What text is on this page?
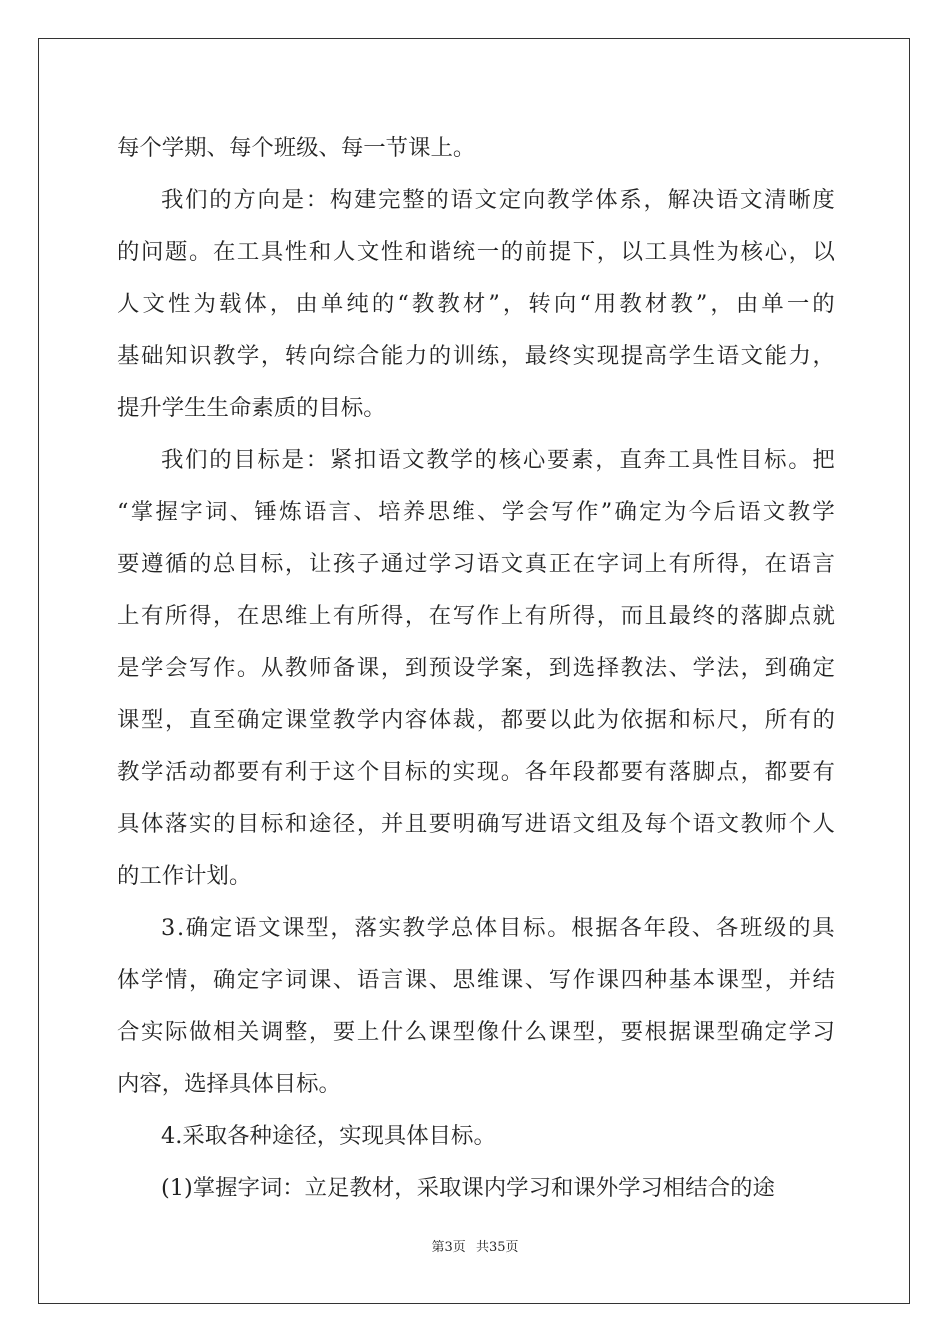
每个学期、每个班级、每一节课上。
我 们 的 方 向 是 ： 构 建 完 整 的 语 文 定 向 教 学 体 系 ， 解 决 语 文 清 晰 度
的 问 题 。 在 工 具 性 和 人 文 性 和 谐 统 一 的 前 提 下 ， 以 工 具 性 为 核 心 ， 以
人 文 性 为 载 体 ， 由 单 纯 的 “ 教 教 材 ” ， 转 向 “ 用 教 材 教 ” ， 由 单 一 的
基 础 知 识 教 学 ， 转 向 综 合 能 力 的 训 练 ， 最 终 实 现 提 高 学 生 语 文 能 力 ，
提升学生生命素质的目标。
我 们 的 目 标 是 ： 紧 扣 语 文 教 学 的 核 心 要 素 ， 直 奔 工 具 性 目 标 。 把
“ 掌 握 字 词 、 锤 炼 语 言 、 培 养 思 维 、 学 会 写 作 ” 确 定 为 今 后 语 文 教 学
要 遵 循 的 总 目 标 ， 让 孩 子 通 过 学 习 语 文 真 正 在 字 词 上 有 所 得 ， 在 语 言
上 有 所 得 ， 在 思 维 上 有 所 得 ， 在 写 作 上 有 所 得 ， 而 且 最 终 的 落 脚 点 就
是 学 会 写 作 。 从 教 师 备 课 ， 到 预 设 学 案 ， 到 选 择 教 法 、 学 法 ， 到 确 定
课 型 ， 直 至 确 定 课 堂 教 学 内 容 体 裁 ， 都 要 以 此 为 依 据 和 标 尺 ， 所 有 的
教 学 活 动 都 要 有 利 于 这 个 目 标 的 实 现 。 各 年 段 都 要 有 落 脚 点 ， 都 要 有
具 体 落 实 的 目 标 和 途 径 ， 并 且 要 明 确 写 进 语 文 组 及 每 个 语 文 教 师 个 人
的工作计划。
3 . 确 定 语 文 课 型 ， 落 实 教 学 总 体 目 标 。 根 据 各 年 段 、 各 班 级 的 具
体 学 情 ， 确 定 字 词 课 、 语 言 课 、 思 维 课 、 写 作 课 四 种 基 本 课 型 ， 并 结
合 实 际 做 相 关 调 整 ， 要 上 什 么 课 型 像 什 么 课 型 ， 要 根 据 课 型 确 定 学 习
内容，选择具体目标。
4.采取各种途径，实现具体目标。
(1)掌握字词：立足教材，采取课内学习和课外学习相结合的途
第3页 共35页
